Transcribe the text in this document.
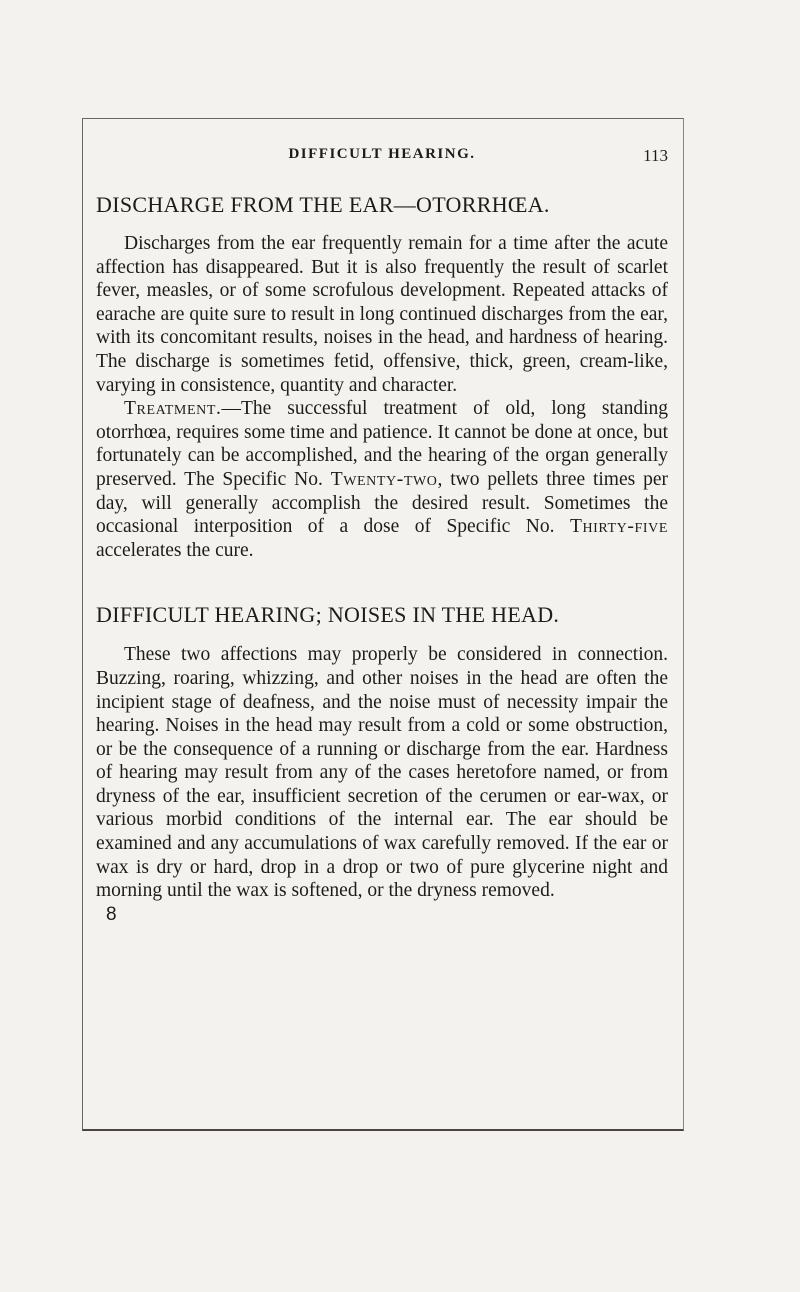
DIFFICULT HEARING.	113
DISCHARGE FROM THE EAR—OTORRHŒA.

Discharges from the ear frequently remain for a time after the acute affection has disappeared. But it is also frequently the result of scarlet fever, measles, or of some scrofulous development. Repeated attacks of earache are quite sure to result in long continued discharges from the ear, with its concomitant results, noises in the head, and hardness of hearing. The discharge is sometimes fetid, offensive, thick, green, cream-like, varying in consistence, quantity and character.

Treatment.—The successful treatment of old, long standing otorrhœa, requires some time and patience. It cannot be done at once, but fortunately can be accomplished, and the hearing of the organ generally preserved. The Specific No. Twenty-two, two pellets three times per day, will generally accomplish the desired result. Sometimes the occasional interposition of a dose of Specific No. Thirty-five accelerates the cure.

DIFFICULT HEARING; NOISES IN THE HEAD.

These two affections may properly be considered in connection. Buzzing, roaring, whizzing, and other noises in the head are often the incipient stage of deafness, and the noise must of necessity impair the hearing. Noises in the head may result from a cold or some obstruction, or be the consequence of a running or discharge from the ear. Hardness of hearing may result from any of the cases heretofore named, or from dryness of the ear, insufficient secretion of the cerumen or ear-wax, or various morbid conditions of the internal ear. The ear should be examined and any accumulations of wax carefully removed. If the ear or wax is dry or hard, drop in a drop or two of pure glycerine night and morning until the wax is softened, or the dryness removed.

8
